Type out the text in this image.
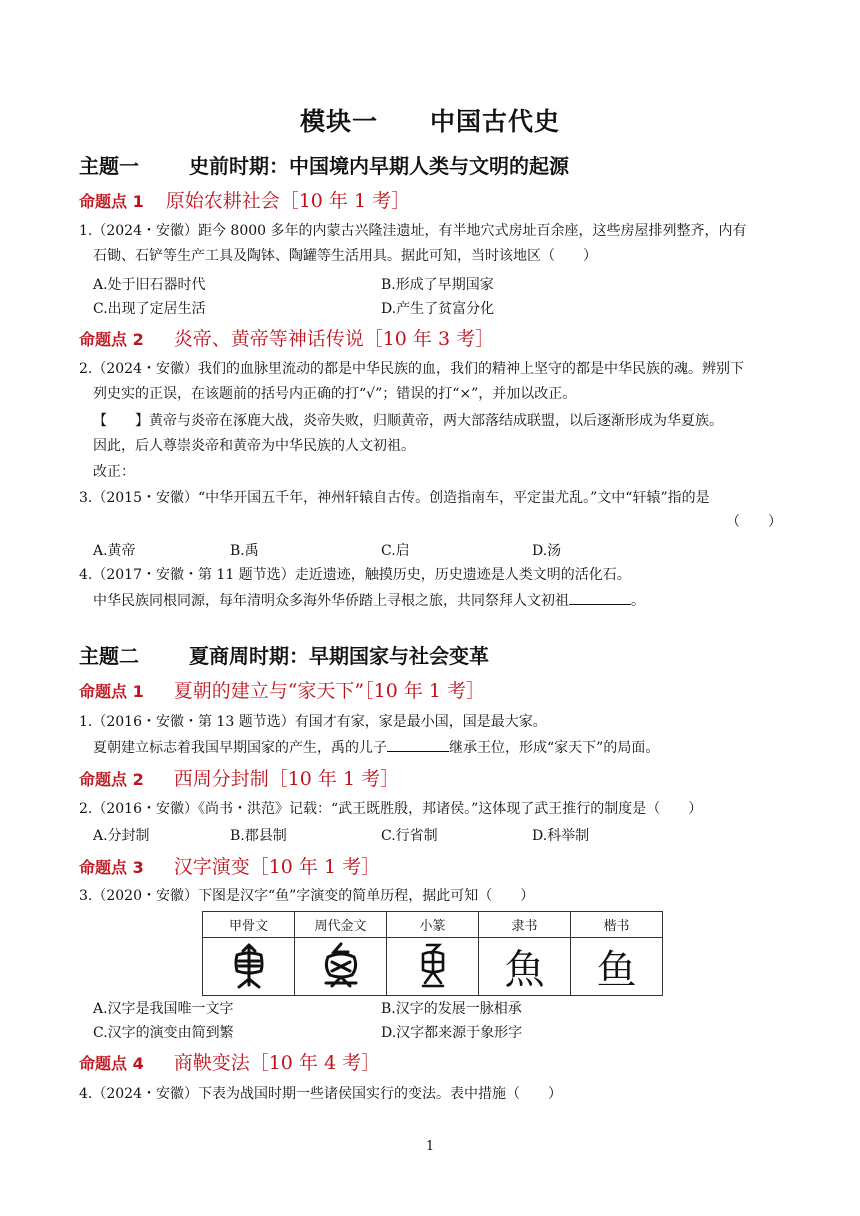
模块一　　中国古代史
主题一	史前时期：中国境内早期人类与文明的起源
命题点 1 原始农耕社会［10 年 1 考］
1.（2024・安徽）距今 8000 多年的内蒙古兴隆洼遗址，有半地穴式房址百余座，这些房屋排列整齐，内有
石锄、石铲等生产工具及陶钵、陶罐等生活用具。据此可知，当时该地区（　　）
A.处于旧石器时代	B.形成了早期国家
C.出现了定居生活	D.产生了贫富分化
命题点 2 炎帝、黄帝等神话传说［10 年 3 考］
2.（2024・安徽）我们的血脉里流动的都是中华民族的血，我们的精神上坚守的都是中华民族的魂。辨别下
列史实的正误，在该题前的括号内正确的打“√”；错误的打“×”，并加以改正。
【　　】黄帝与炎帝在涿鹿大战，炎帝失败，归顺黄帝，两大部落结成联盟，以后逐渐形成为华夏族。
因此，后人尊崇炎帝和黄帝为中华民族的人文初祖。
改正：
3.（2015・安徽）“中华开国五千年，神州轩辕自古传。创造指南车，平定蚩尤乱。”文中“轩辕”指的是
（　　）
A.黄帝	B.禹	C.启	D.汤
4.（2017・安徽・第 11 题节选）走近遗迹，触摸历史，历史遗迹是人类文明的活化石。
中华民族同根同源，每年清明众多海外华侨踏上寻根之旅，共同祭拜人文初祖	。
主题二	夏商周时期：早期国家与社会变革
命题点 1 夏朝的建立与“家天下”［10 年 1 考］
1.（2016・安徽・第 13 题节选）有国才有家，家是最小国，国是最大家。
夏朝建立标志着我国早期国家的产生，禹的儿子	继承王位，形成“家天下”的局面。
命题点 2 西周分封制［10 年 1 考］
2.（2016・安徽）《尚书・洪范》记载：“武王既胜殷，邦诸侯。”这体现了武王推行的制度是（　　）
A.分封制	B.郡县制	C.行省制	D.科举制
命题点 3 汉字演变［10 年 1 考］
3.（2020・安徽）下图是汉字“鱼”字演变的简单历程，据此可知（　　）
甲骨文	周代金文	小篆	隶书	楷书
			魚	鱼
A.汉字是我国唯一文字	B.汉字的发展一脉相承
C.汉字的演变由简到繁	D.汉字都来源于象形字
命题点 4 商鞅变法［10 年 4 考］
4.（2024・安徽）下表为战国时期一些诸侯国实行的变法。表中措施（　　）
1
